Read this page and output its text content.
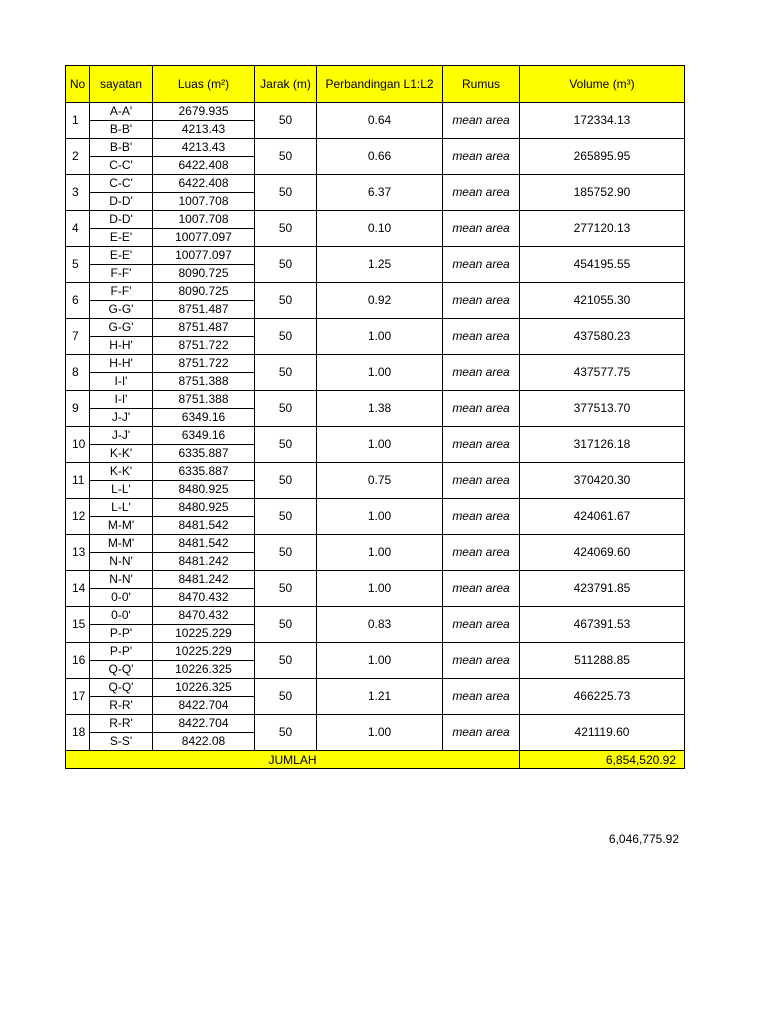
No	sayatan	Luas (m²)	Jarak (m)	Perbandingan L1:L2	Rumus	Volume (m³)
1	A-A'	2679.935	50	0.64	mean area	172334.13
	B-B'	4213.43				
2	B-B'	4213.43	50	0.66	mean area	265895.95
	C-C'	6422.408				
3	C-C'	6422.408	50	6.37	mean area	185752.90
	D-D'	1007.708				
4	D-D'	1007.708	50	0.10	mean area	277120.13
	E-E'	10077.097				
5	E-E'	10077.097	50	1.25	mean area	454195.55
	F-F'	8090.725				
6	F-F'	8090.725	50	0.92	mean area	421055.30
	G-G'	8751.487				
7	G-G'	8751.487	50	1.00	mean area	437580.23
	H-H'	8751.722				
8	H-H'	8751.722	50	1.00	mean area	437577.75
	I-I'	8751.388				
9	I-I'	8751.388	50	1.38	mean area	377513.70
	J-J'	6349.16				
10	J-J'	6349.16	50	1.00	mean area	317126.18
	K-K'	6335.887				
11	K-K'	6335.887	50	0.75	mean area	370420.30
	L-L'	8480.925				
12	L-L'	8480.925	50	1.00	mean area	424061.67
	M-M'	8481.542				
13	M-M'	8481.542	50	1.00	mean area	424069.60
	N-N'	8481.242				
14	N-N'	8481.242	50	1.00	mean area	423791.85
	0-0'	8470.432				
15	0-0'	8470.432	50	0.83	mean area	467391.53
	P-P'	10225.229				
16	P-P'	10225.229	50	1.00	mean area	511288.85
	Q-Q'	10226.325				
17	Q-Q'	10226.325	50	1.21	mean area	466225.73
	R-R'	8422.704				
18	R-R'	8422.704	50	1.00	mean area	421119.60
	S-S'	8422.08				
JUMLAH						6,854,520.92
6,046,775.92
